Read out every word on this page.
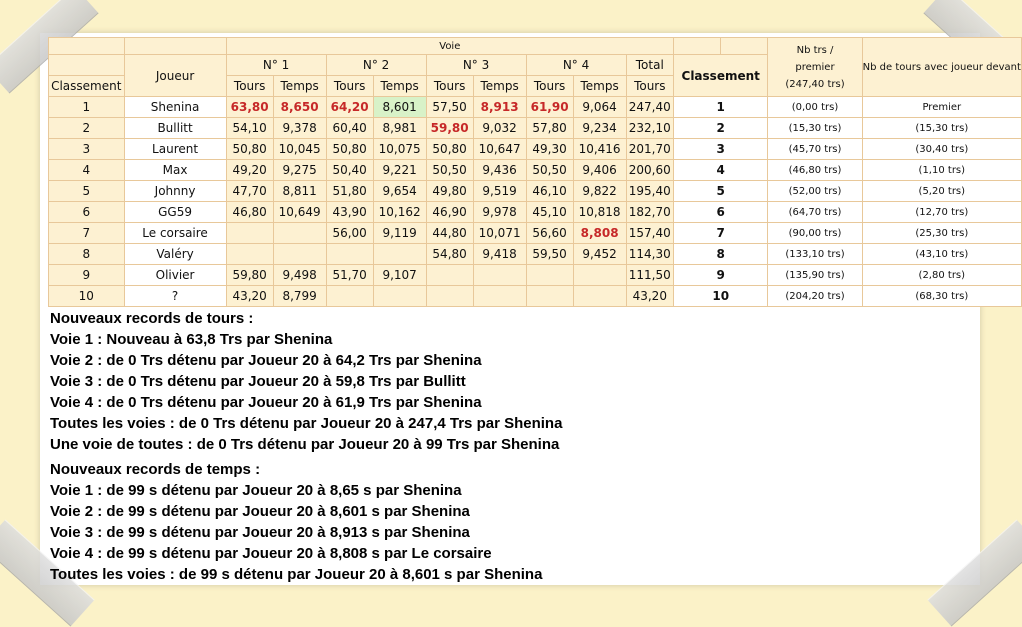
		Voie											Nb trs /
premier
(247,40 trs)	Nb de tours avec joueur devant
	Joueur	N° 1		N° 2		N° 3		N° 4		Total	Classement			
Classement		Tours	Temps	Tours	Temps	Tours	Temps	Tours	Temps	Tours				
1	Shenina	63,80	8,650	64,20	8,601	57,50	8,913	61,90	9,064	247,40	1		(0,00 trs)	Premier
2	Bullitt	54,10	9,378	60,40	8,981	59,80	9,032	57,80	9,234	232,10	2		(15,30 trs)	(15,30 trs)
3	Laurent	50,80	10,045	50,80	10,075	50,80	10,647	49,30	10,416	201,70	3		(45,70 trs)	(30,40 trs)
4	Max	49,20	9,275	50,40	9,221	50,50	9,436	50,50	9,406	200,60	4		(46,80 trs)	(1,10 trs)
5	Johnny	47,70	8,811	51,80	9,654	49,80	9,519	46,10	9,822	195,40	5		(52,00 trs)	(5,20 trs)
6	GG59	46,80	10,649	43,90	10,162	46,90	9,978	45,10	10,818	182,70	6		(64,70 trs)	(12,70 trs)
7	Le corsaire			56,00	9,119	44,80	10,071	56,60	8,808	157,40	7		(90,00 trs)	(25,30 trs)
8	Valéry					54,80	9,418	59,50	9,452	114,30	8		(133,10 trs)	(43,10 trs)
9	Olivier	59,80	9,498	51,70	9,107					111,50	9		(135,90 trs)	(2,80 trs)
10	?	43,20	8,799							43,20	10		(204,20 trs)	(68,30 trs)
Nouveaux records de tours :
Voie 1 : Nouveau à 63,8 Trs par Shenina
Voie 2 : de 0 Trs détenu par Joueur 20 à 64,2 Trs par Shenina
Voie 3 : de 0 Trs détenu par Joueur 20 à 59,8 Trs par Bullitt
Voie 4 : de 0 Trs détenu par Joueur 20 à 61,9 Trs par Shenina
Toutes les voies : de 0 Trs détenu par Joueur 20 à 247,4 Trs par Shenina
Une voie de toutes : de 0 Trs détenu par Joueur 20 à 99 Trs par Shenina
Nouveaux records de temps :
Voie 1 : de 99 s détenu par Joueur 20 à 8,65 s par Shenina
Voie 2 : de 99 s détenu par Joueur 20 à 8,601 s par Shenina
Voie 3 : de 99 s détenu par Joueur 20 à 8,913 s par Shenina
Voie 4 : de 99 s détenu par Joueur 20 à 8,808 s par Le corsaire
Toutes les voies : de 99 s détenu par Joueur 20 à 8,601 s par Shenina
